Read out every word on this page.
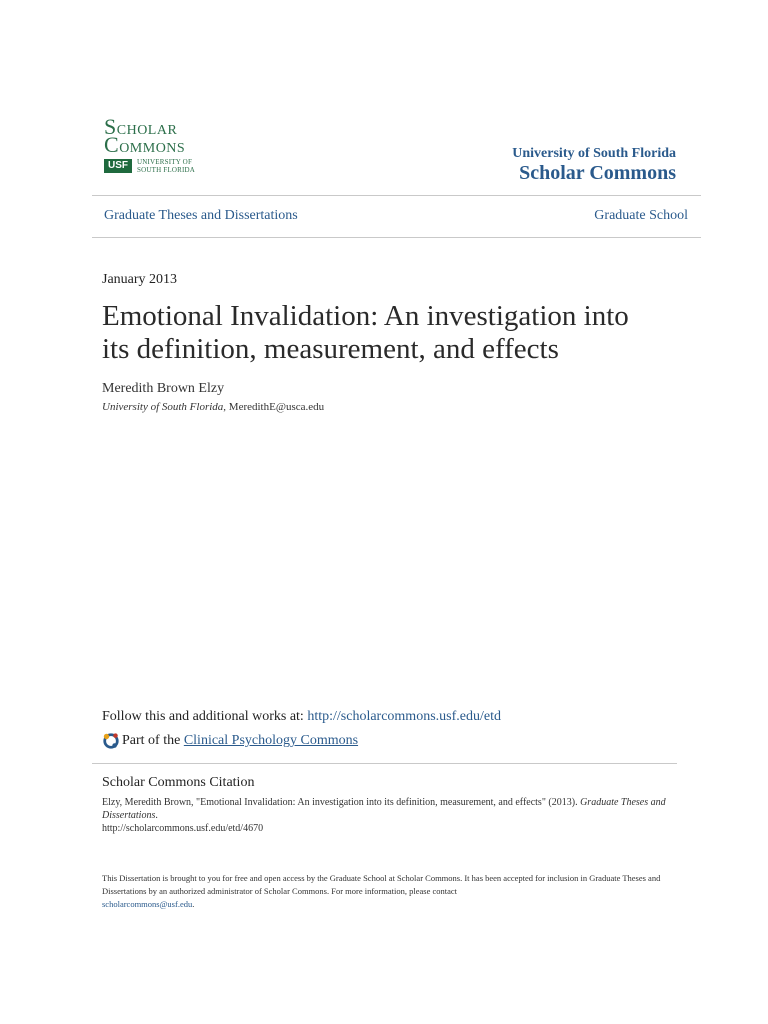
SCHOLAR
COMMONS
USF	UNIVERSITY OF
SOUTH FLORIDA
University of South Florida
Scholar Commons
Graduate Theses and Dissertations	Graduate School
January 2013
Emotional Invalidation: An investigation into its definition, measurement, and effects
Meredith Brown Elzy
University of South Florida, MeredithE@usca.edu
Follow this and additional works at: http://scholarcommons.usf.edu/etd
Part of the
Clinical Psychology Commons
Scholar Commons Citation
Elzy, Meredith Brown, "Emotional Invalidation: An investigation into its definition, measurement, and effects" (2013). Graduate Theses and Dissertations.
http://scholarcommons.usf.edu/etd/4670
This Dissertation is brought to you for free and open access by the Graduate School at Scholar Commons. It has been accepted for inclusion in Graduate Theses and Dissertations by an authorized administrator of Scholar Commons. For more information, please contact
scholarcommons@usf.edu.
